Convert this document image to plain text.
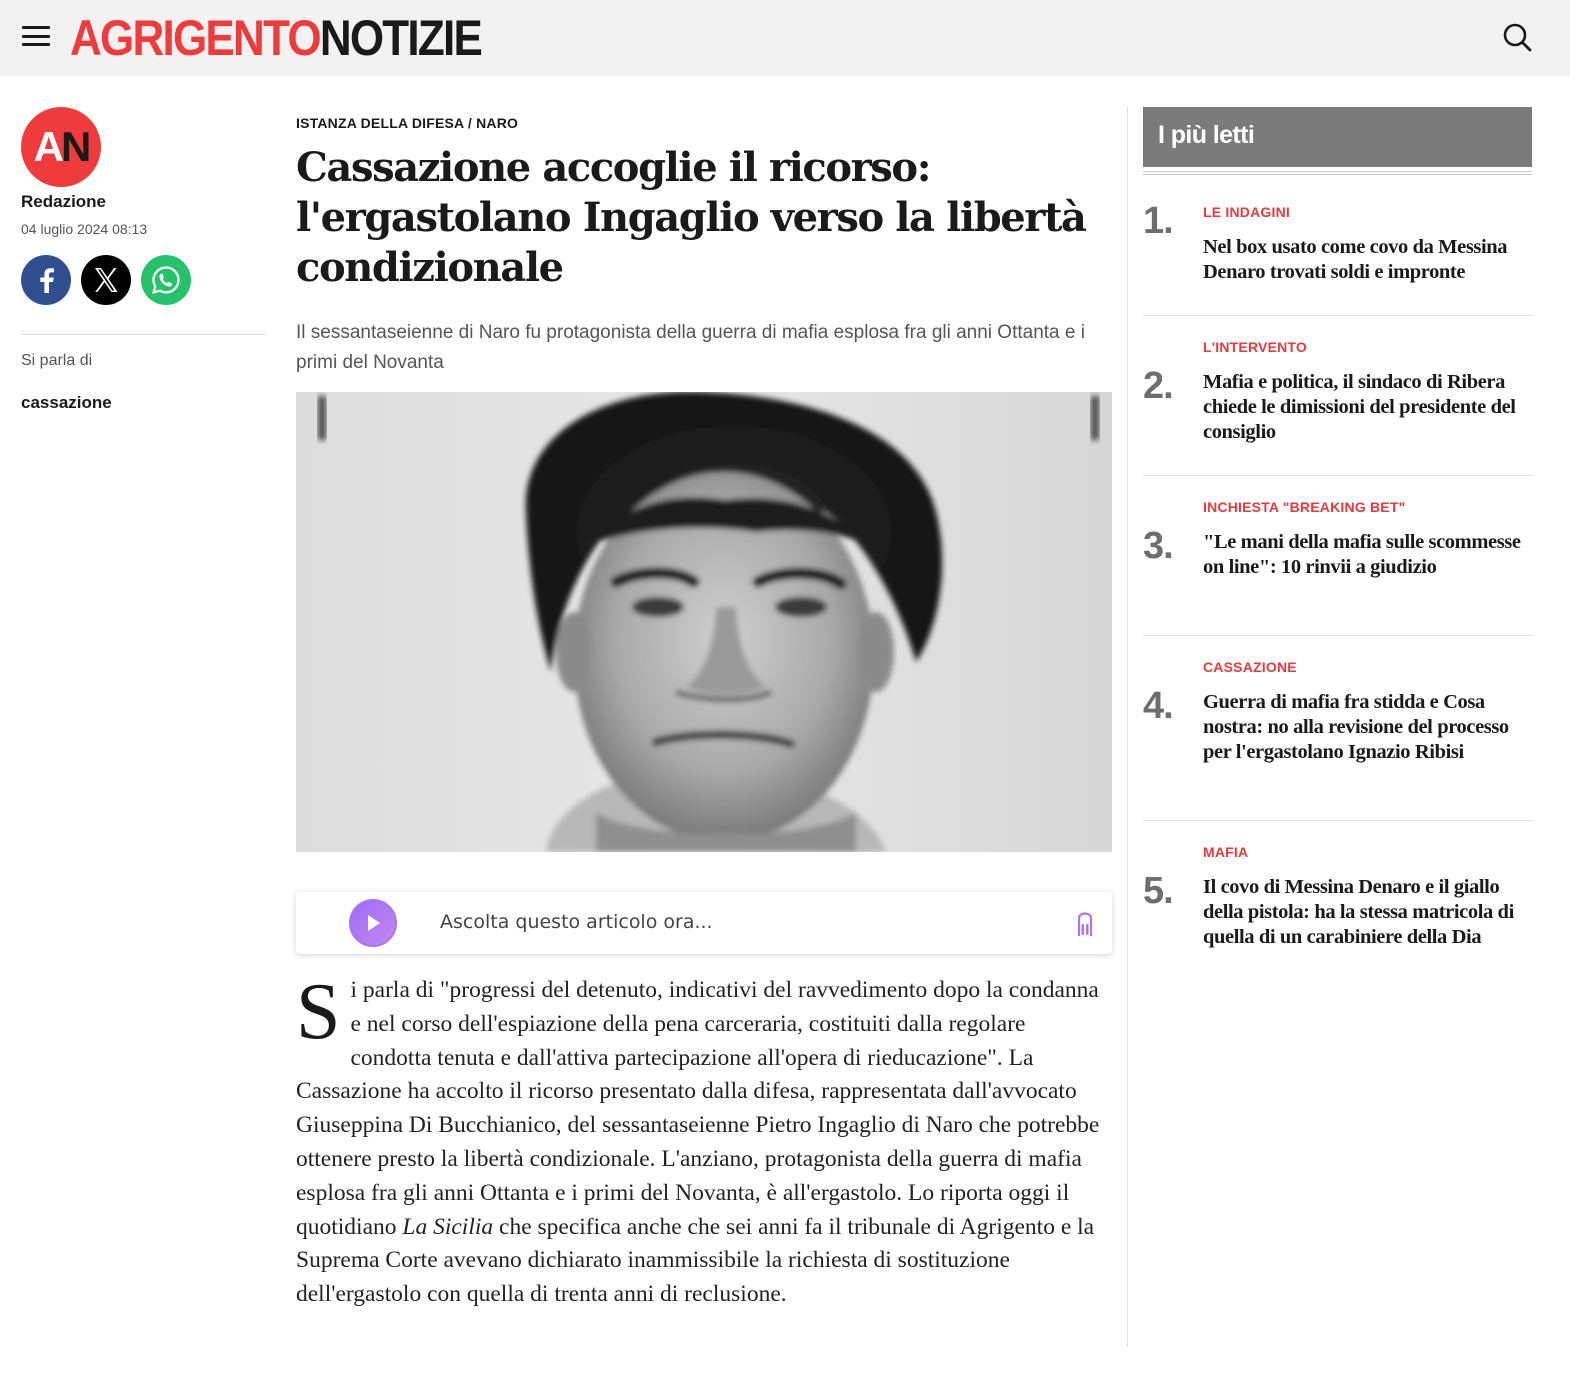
AGRIGENTONOTIZIE
A N
Redazione
04 luglio 2024 08:13
Si parla di
cassazione
ISTANZA DELLA DIFESA / NARO
Cassazione accoglie il ricorso: l'ergastolano Ingaglio verso la libertà condizionale

Il sessantaseienne di Naro fu protagonista della guerra di mafia esplosa fra gli anni Ottanta e i primi del Novanta

Ascolta questo articolo ora...
Si parla di "progressi del detenuto, indicativi del ravvedimento dopo la condanna e nel corso dell'espiazione della pena carceraria, costituiti dalla regolare condotta tenuta e dall'attiva partecipazione all'opera di rieducazione". La Cassazione ha accolto il ricorso presentato dalla difesa, rappresentata dall'avvocato Giuseppina Di Bucchianico, del sessantaseienne Pietro Ingaglio di Naro che potrebbe ottenere presto la libertà condizionale. L'anziano, protagonista della guerra di mafia esplosa fra gli anni Ottanta e i primi del Novanta, è all'ergastolo. Lo riporta oggi il quotidiano La Sicilia che specifica anche che sei anni fa il tribunale di Agrigento e la Suprema Corte avevano dichiarato inammissibile la richiesta di sostituzione dell'ergastolo con quella di trenta anni di reclusione.
I più letti
1. LE INDAGINI
Nel box usato come covo da Messina Denaro trovati soldi e impronte
2.
L'INTERVENTO
Mafia e politica, il sindaco di Ribera chiede le dimissioni del presidente del consiglio
3.
INCHIESTA "BREAKING BET"
"Le mani della mafia sulle scommesse on line": 10 rinvii a giudizio
4.
CASSAZIONE
Guerra di mafia fra stidda e Cosa nostra: no alla revisione del processo per l'ergastolano Ignazio Ribisi
5.
MAFIA
Il covo di Messina Denaro e il giallo della pistola: ha la stessa matricola di quella di un carabiniere della Dia
